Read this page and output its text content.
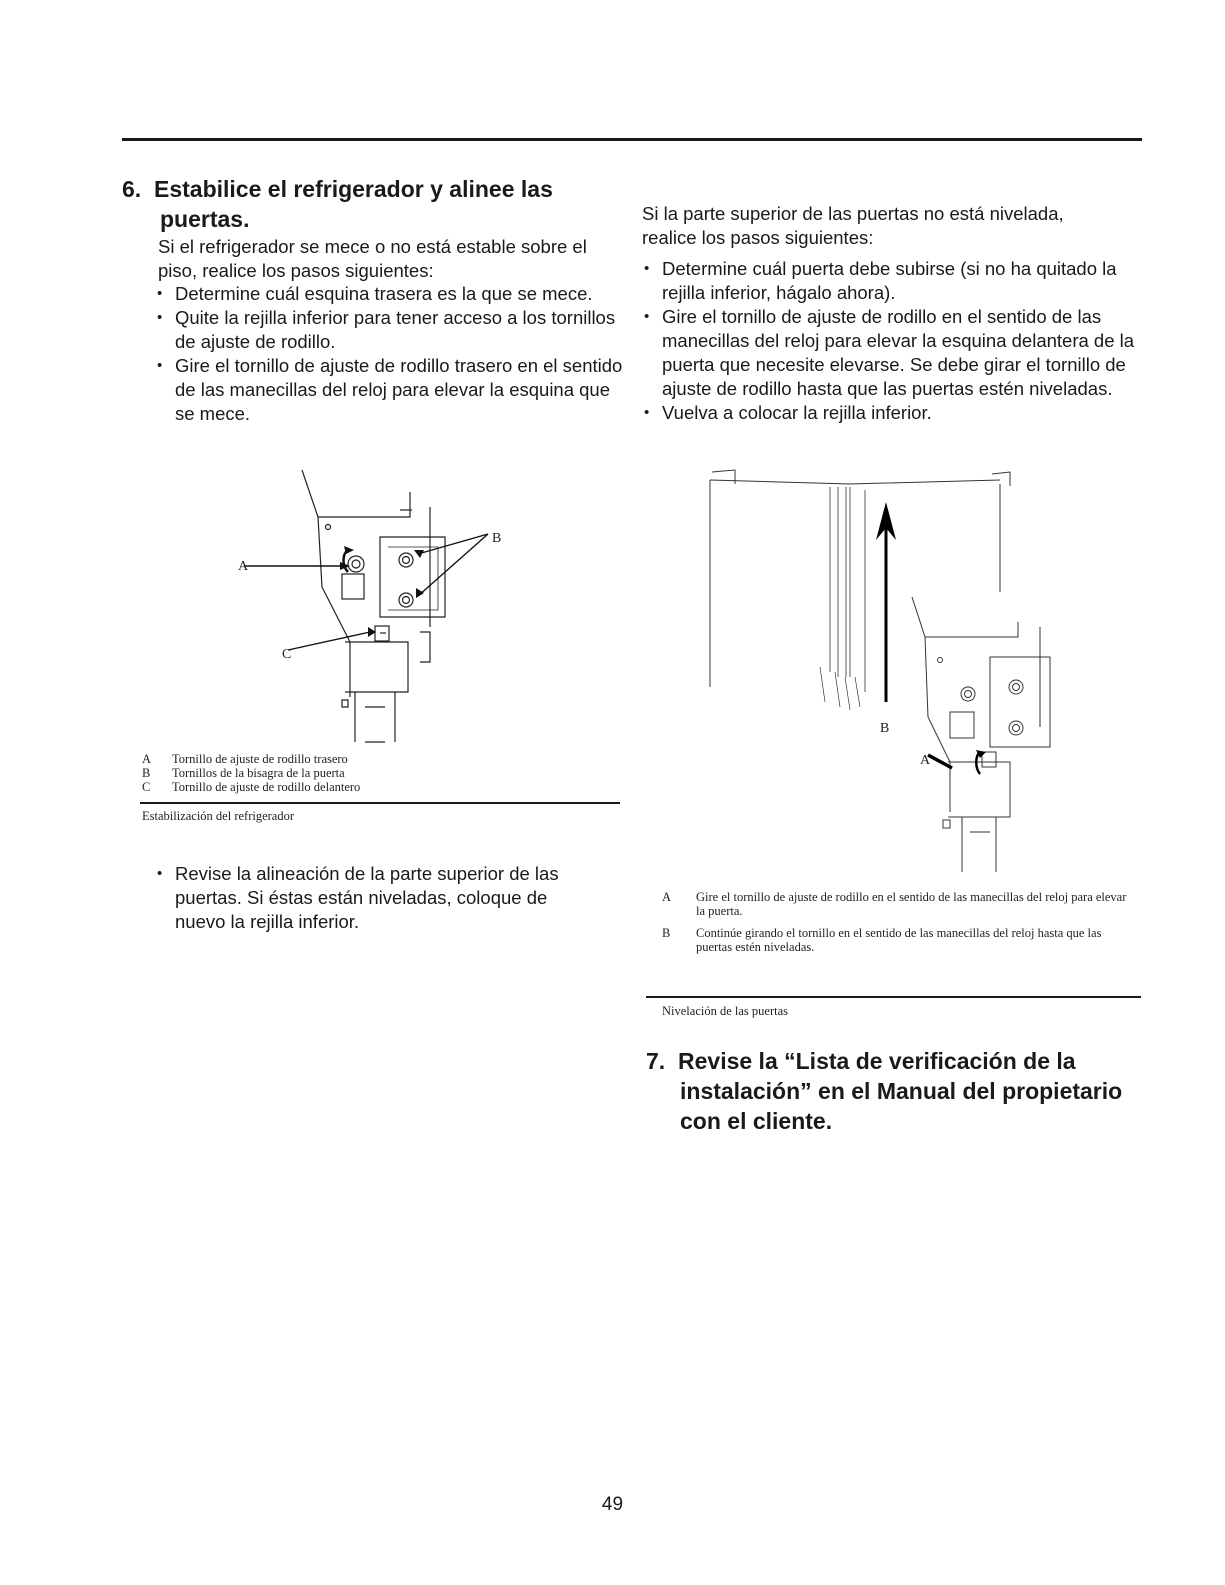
6. Estabilice el refrigerador y alinee las
puertas.
Si el refrigerador se mece o no está estable sobre el piso, realice los pasos siguientes:
• Determine cuál esquina trasera es la que se mece.
• Quite la rejilla inferior para tener acceso a los tornillos de ajuste de rodillo.
• Gire el tornillo de ajuste de rodillo trasero en el sentido de las manecillas del reloj para elevar la esquina que se mece.
A
B
C
A Tornillo de ajuste de rodillo trasero
B Tornillos de la bisagra de la puerta
C Tornillo de ajuste de rodillo delantero
Estabilización del refrigerador
• Revise la alineación de la parte superior de las puertas. Si éstas están niveladas, coloque de nuevo la rejilla inferior.
Si la parte superior de las puertas no está nivelada, realice los pasos siguientes:
• Determine cuál puerta debe subirse (si no ha quitado la rejilla inferior, hágalo ahora).
• Gire el tornillo de ajuste de rodillo en el sentido de las manecillas del reloj para elevar la esquina delantera de la puerta que necesite elevarse. Se debe girar el tornillo de ajuste de rodillo hasta que las puertas estén niveladas.
• Vuelva a colocar la rejilla inferior.
B
A
A	Gire el tornillo de ajuste de rodillo en el sentido de las manecillas del reloj para elevar la puerta.
B	Continúe girando el tornillo en el sentido de las manecillas del reloj hasta que las puertas estén niveladas.
Nivelación de las puertas
7. Revise la “Lista de verificación de la
instalación” en el Manual del propietario
con el cliente.
49
